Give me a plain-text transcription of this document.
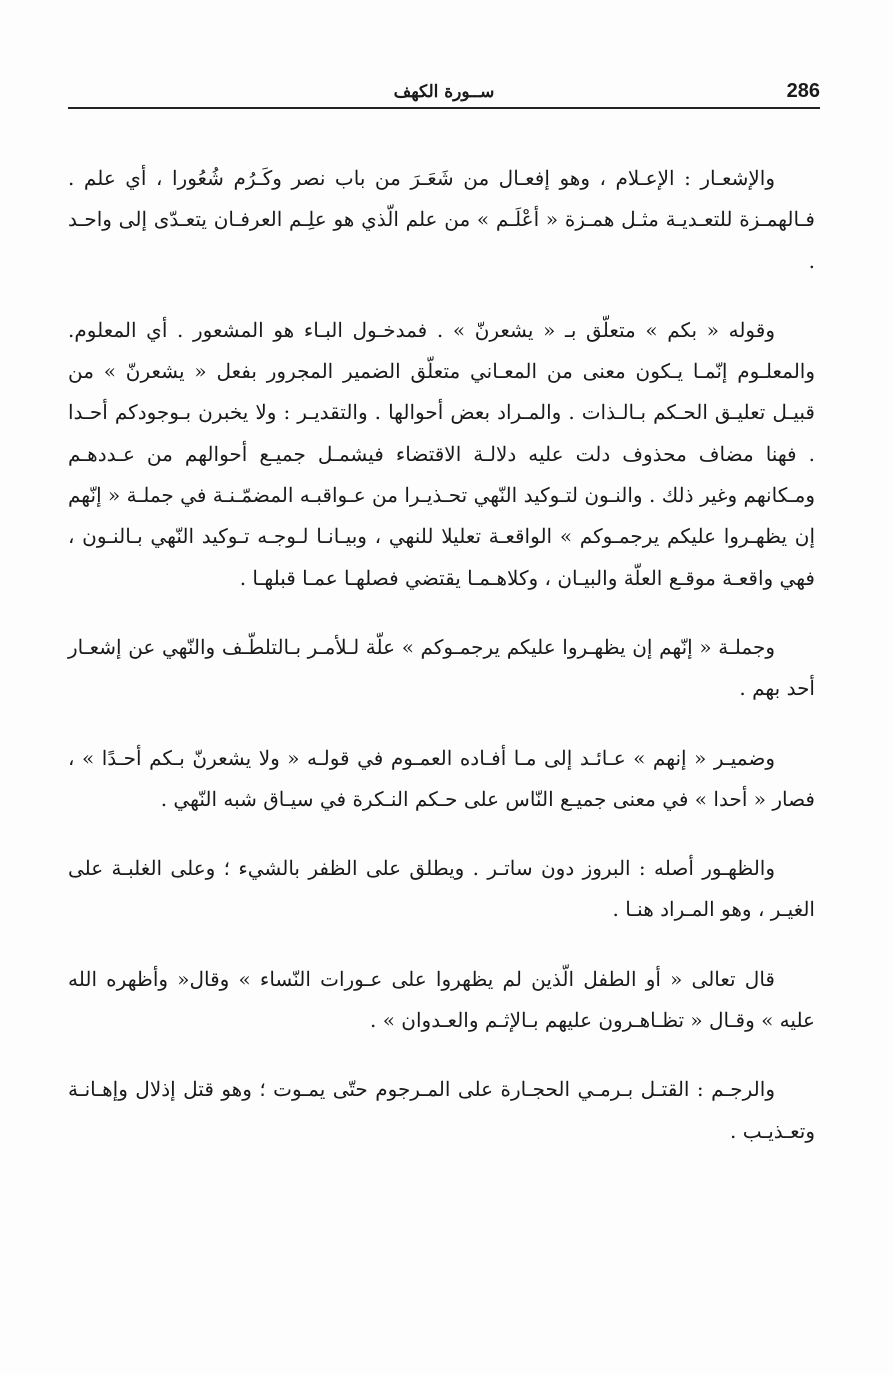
286
ســورة الكهف

والإشعـار : الإعـلام ، وهو إفعـال من شَعَـرَ من باب نصر وكَـرُم شُعُورا ، أي علم . فـالهمـزة للتعـديـة مثـل همـزة « أعْلَـم » من علم الّذي هو علِـم العرفـان يتعـدّى إلى واحـد .

وقوله « بكم » متعلّق بـ « يشعرنّ » . فمدخـول البـاء هو المشعور . أي المعلوم. والمعلـوم إنّمـا يـكون معنى من المعـاني متعلّق الضمير المجرور بفعل « يشعرنّ » من قبيـل تعليـق الحـكم بـالـذات . والمـراد بعض أحوالها . والتقديـر : ولا يخبرن بـوجودكم أحـدا . فهنا مضاف محذوف دلت عليه دلالـة الاقتضاء فيشمـل جميـع أحوالهم من عـددهـم ومـكانهم وغير ذلك . والنـون لتـوكيد النّهي تحـذيـرا من عـواقبـه المضمّـنـة في جملـة « إنّهم إن يظهـروا عليكم يرجمـوكم » الواقعـة تعليلا للنهي ، وبيـانـا لـوجـه تـوكيد النّهي بـالنـون ، فهي واقعـة موقـع العلّة والبيـان ، وكلاهـمـا يقتضي فصلهـا عمـا قبلهـا .

وجملـة « إنّهم إن يظهـروا عليكم يرجمـوكم » علّة لـلأمـر بـالتلطّـف والنّهي عن إشعـار أحد بهم .

وضميـر « إنهم » عـائـد إلى مـا أفـاده العمـوم في قولـه « ولا يشعرنّ بـكم أحـدًا » ، فصار « أحدا » في معنى جميـع النّاس على حـكم النـكرة في سيـاق شبه النّهي .

والظهـور أصله : البروز دون ساتـر . ويطلق على الظفر بالشيء ؛ وعلى الغلبـة على الغيـر ، وهو المـراد هنـا .

قال تعالى « أو الطفل الّذين لم يظهروا على عـورات النّساء » وقال« وأظهره الله عليه » وقـال « تظـاهـرون عليهم بـالإثـم والعـدوان » .

والرجـم : القتـل بـرمـي الحجـارة على المـرجوم حتّى يمـوت ؛ وهو قتل إذلال وإهـانـة وتعـذيـب .
